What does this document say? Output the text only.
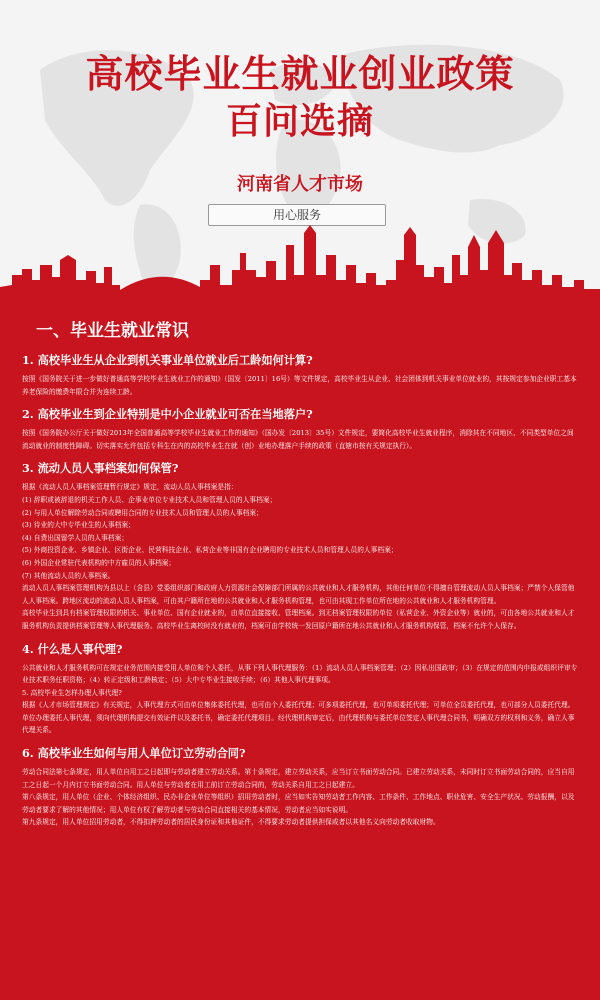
高校毕业生就业创业政策
百问选摘
河南省人才市场
用心服务
一、毕业生就业常识
1. 高校毕业生从企业到机关事业单位就业后工龄如何计算?

按照《国务院关于进一步做好普通高等学校毕业生就业工作的通知》（国发〔2011〕16号）等文件规定，高校毕业生从企业、社会团体到机关事业单位就业的，其按规定参加企业职工基本养老保险的缴费年限合并为连续工龄。

2. 高校毕业生到企业特别是中小企业就业可否在当地落户?

按照《国务院办公厅关于做好2013年全国普通高等学校毕业生就业工作的通知》（国办发〔2013〕35号）文件规定，要简化高校毕业生就业程序，消除其在不同地区、不同类型单位之间流动就业的制度性障碍。切实落实允许包括专科生在内的高校毕业生在就（创）业地办理落户手续的政策（直辖市按有关规定执行）。

3. 流动人员人事档案如何保管?

根据《流动人员人事档案管理暂行规定》规定，流动人员人事档案是指：

(1) 辞职或被辞退的机关工作人员、企事业单位专业技术人员和管理人员的人事档案；

(2) 与用人单位解除劳动合同或聘用合同的专业技术人员和管理人员的人事档案；

(3) 待业的大中专毕业生的人事档案；

(4) 自费出国留学人员的人事档案；

(5) 外商投资企业、乡镇企业、区街企业、民营科技企业、私营企业等非国有企业聘用的专业技术人员和管理人员的人事档案；

(6) 外国企业常驻代表机构的中方雇员的人事档案；

(7) 其他流动人员的人事档案。

流动人员人事档案管理机构为县以上（含县）党委组织部门和政府人力资源社会保障部门所属的公共就业和人才服务机构，其他任何单位不得擅自管理流动人员人事档案；严禁个人保管他人人事档案。跨地区流动的流动人员人事档案，可由其户籍所在地的公共就业和人才服务机构管理，也可由其现工作单位所在地的公共就业和人才服务机构管理。

高校毕业生到具有档案管理权限的机关、事业单位、国有企业就业的，由单位直接接收、管理档案。到无档案管理权限的单位（私营企业、外资企业等）就业的，可由各地公共就业和人才服务机构负责提供档案管理等人事代理服务。高校毕业生离校时没有就业的，档案可由学校统一发回原户籍所在地公共就业和人才服务机构保管，档案不允许个人保存。

4. 什么是人事代理?

公共就业和人才服务机构可在规定业务范围内接受用人单位和个人委托，从事下列人事代理服务：（1）流动人员人事档案管理；（2）因私出国政审；（3）在规定的范围内申报或组织评审专业技术职务任职资格；（4）转正定级和工龄核定；（5）大中专毕业生接收手续；（6）其他人事代理事项。

5. 高校毕业生怎样办理人事代理?

根据《人才市场管理规定》有关规定，人事代理方式可由单位集体委托代理，也可由个人委托代理；可多项委托代理，也可单项委托代理；可单位全员委托代理，也可部分人员委托代理。

单位办理委托人事代理，须向代理机构提交有效证件以及委托书，确定委托代理项目。经代理机构审定后，由代理机构与委托单位签定人事代理合同书，明确双方的权利和义务，确立人事代理关系。

6. 高校毕业生如何与用人单位订立劳动合同?

劳动合同法第七条规定，用人单位自用工之日起即与劳动者建立劳动关系。第十条规定，建立劳动关系，应当订立书面劳动合同。已建立劳动关系，未同时订立书面劳动合同的，应当自用工之日起一个月内订立书面劳动合同。用人单位与劳动者在用工前订立劳动合同的，劳动关系自用工之日起建立。

第八条规定，用人单位（企业、个体经济组织、民办非企业单位等组织）招用劳动者时，应当如实告知劳动者工作内容、工作条件、工作地点、职业危害、安全生产状况、劳动报酬，以及劳动者要求了解的其他情况；用人单位有权了解劳动者与劳动合同直接相关的基本情况，劳动者应当如实说明。

第九条规定，用人单位招用劳动者，不得扣押劳动者的居民身份证和其他证件，不得要求劳动者提供担保或者以其他名义向劳动者收取财物。
